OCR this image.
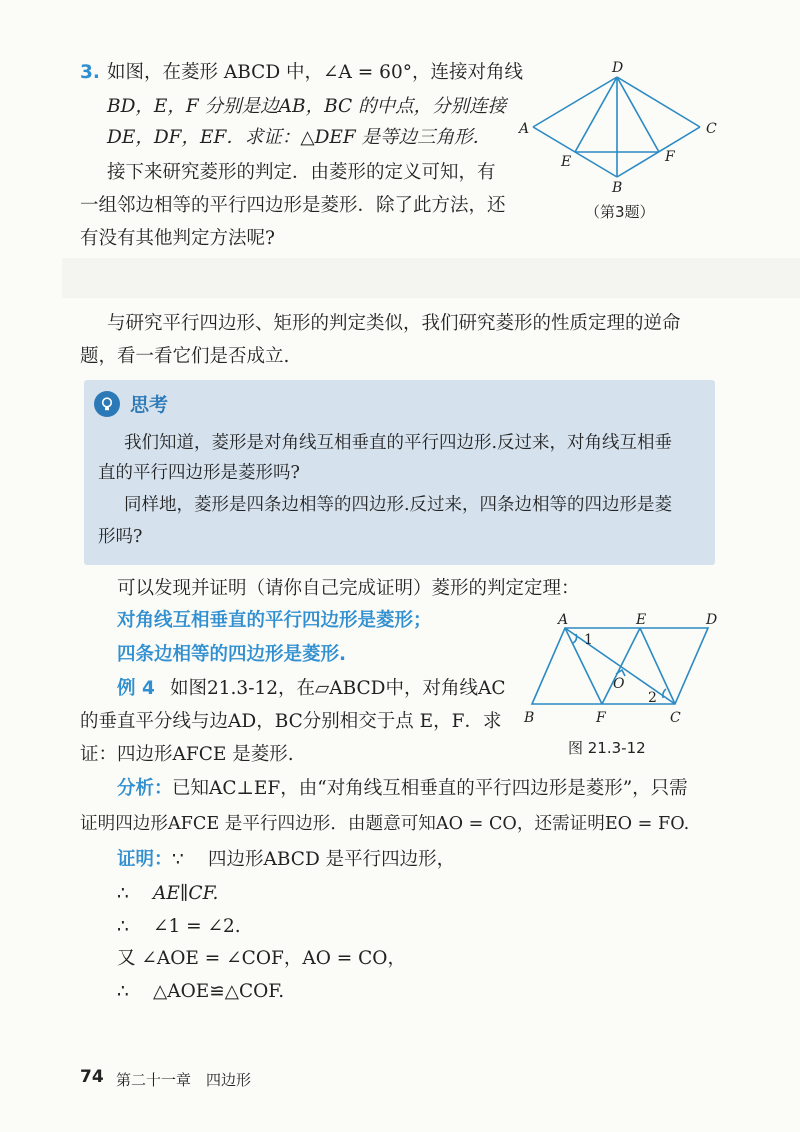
3. 如图，在菱形 ABCD 中，∠A = 60°，连接对角线
BD，E，F 分别是边AB，BC 的中点，分别连接
DE，DF，EF．求证：△DEF 是等边三角形．
D
A	C
E	F
B
（第3题）
接下来研究菱形的判定．由菱形的定义可知，有
一组邻边相等的平行四边形是菱形．除了此方法，还
有没有其他判定方法呢?
与研究平行四边形、矩形的判定类似，我们研究菱形的性质定理的逆命
题，看一看它们是否成立.
思考
我们知道，菱形是对角线互相垂直的平行四边形.反过来，对角线互相垂
直的平行四边形是菱形吗?
同样地，菱形是四条边相等的四边形.反过来，四条边相等的四边形是菱
形吗?
可以发现并证明（请你自己完成证明）菱形的判定定理：
对角线互相垂直的平行四边形是菱形；
四条边相等的四边形是菱形.
A	E	D
1
O
2
B	F	C
图 21.3-12
例 4 如图21.3-12，在▱ABCD中，对角线AC
的垂直平分线与边AD，BC分别相交于点 E，F．求
证：四边形AFCE 是菱形.
分析： 已知AC⊥EF，由“对角线互相垂直的平行四边形是菱形”，只需
证明四边形AFCE 是平行四边形．由题意可知AO = CO，还需证明EO = FO.
证明： ∵ 四边形ABCD 是平行四边形，
∴ AE∥CF.
∴ ∠1 = ∠2.
又 ∠AOE = ∠COF，AO = CO，
∴ △AOE≌△COF.
74 第二十一章　四边形
